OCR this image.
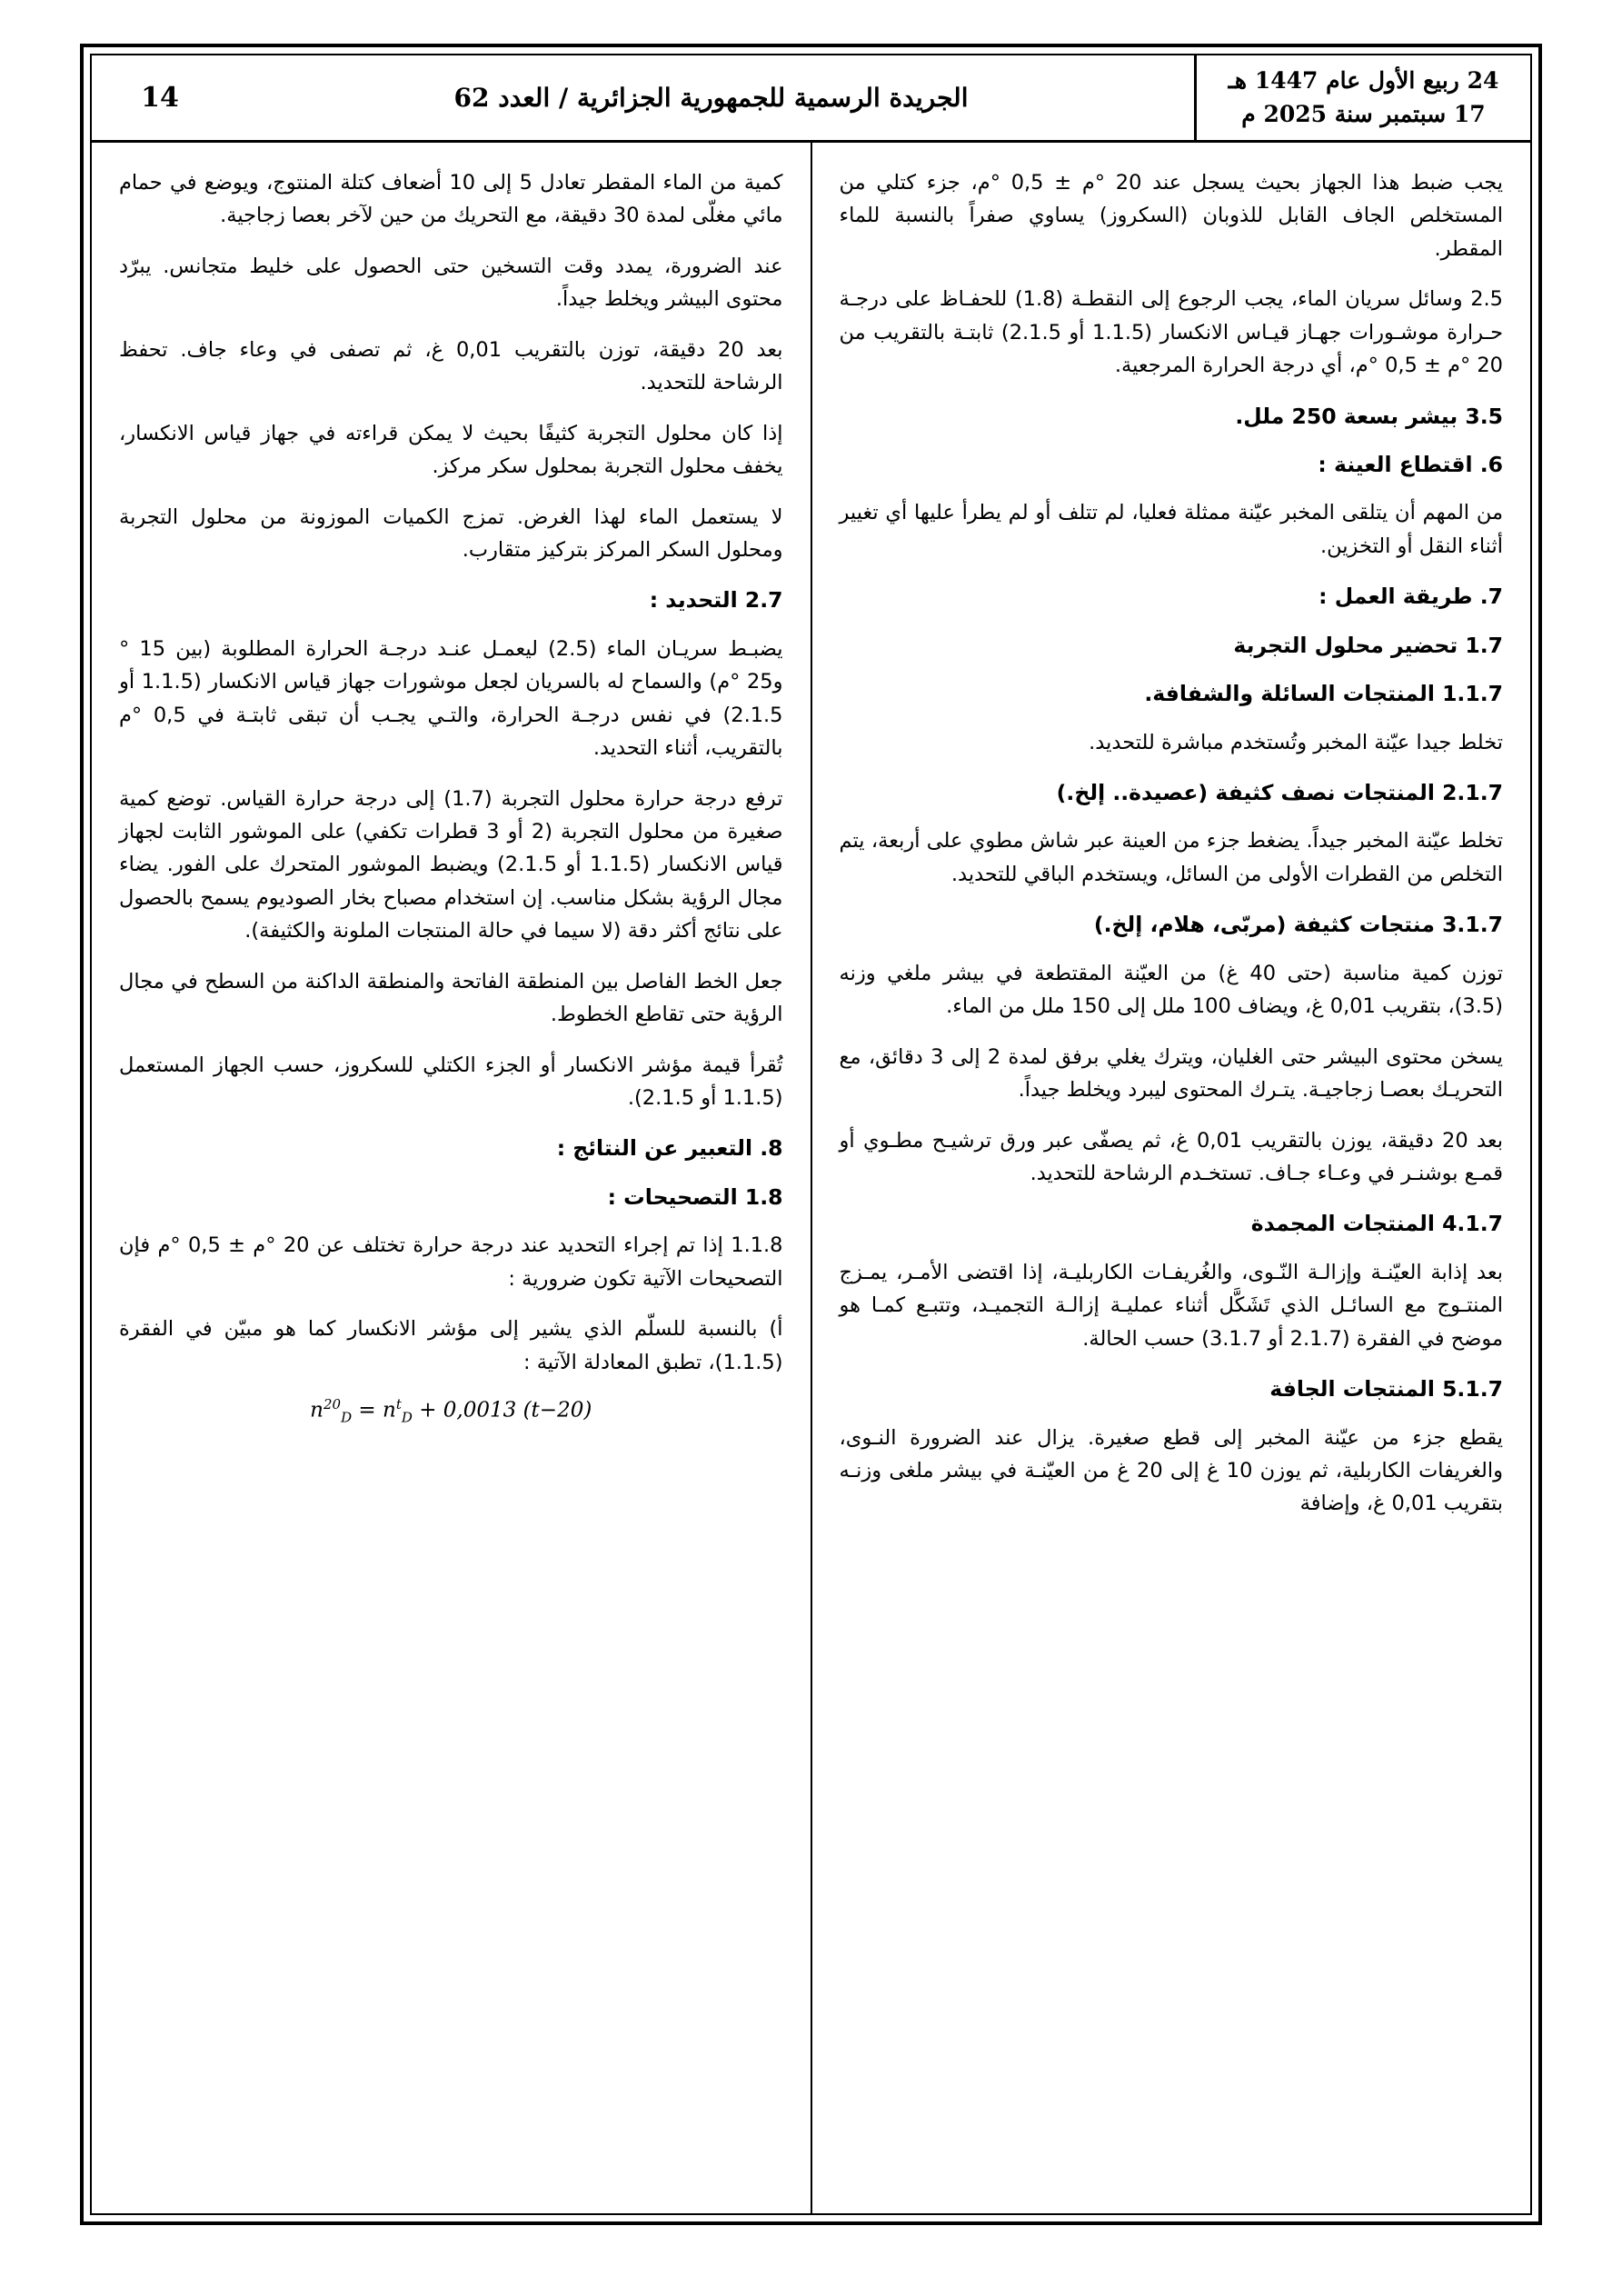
24 ربيع الأول عام 1447 هـ
17 سبتمبر سنة 2025 م
الجريدة الرسمية للجمهورية الجزائرية / العدد 62
14

يجب ضبط هذا الجهاز بحيث يسجل عند 20 °م ± 0,5 °م، جزء كتلي من المستخلص الجاف القابل للذوبان (السكروز) يساوي صفراً بالنسبة للماء المقطر.

2.5 وسائل سريان الماء، يجب الرجوع إلى النقطـة (1.8) للحفـاظ على درجـة حـرارة موشـورات جهـاز قيـاس الانكسار (1.1.5 أو 2.1.5) ثابتـة بالتقريب من 20 °م ± 0,5 °م، أي درجة الحرارة المرجعية.

3.5 بيشر بسعة 250 ملل.

6. اقتطاع العينة :

من المهم أن يتلقى المخبر عيّنة ممثلة فعليا، لم تتلف أو لم يطرأ عليها أي تغيير أثناء النقل أو التخزين.

7. طريقة العمل :

1.7 تحضير محلول التجربة

1.1.7 المنتجات السائلة والشفافة.

تخلط جيدا عيّنة المخبر وتُستخدم مباشرة للتحديد.

2.1.7 المنتجات نصف كثيفة (عصيدة.. إلخ.)

تخلط عيّنة المخبر جيداً. يضغط جزء من العينة عبر شاش مطوي على أربعة، يتم التخلص من القطرات الأولى من السائل، ويستخدم الباقي للتحديد.

3.1.7 منتجات كثيفة (مربّى، هلام، إلخ.)

توزن كمية مناسبة (حتى 40 غ) من العيّنة المقتطعة في بيشر ملغي وزنه (3.5)، بتقريب 0,01 غ، ويضاف 100 ملل إلى 150 ملل من الماء.

يسخن محتوى البيشر حتى الغليان، ويترك يغلي برفق لمدة 2 إلى 3 دقائق، مع التحريـك بعصـا زجاجيـة. يتـرك المحتوى ليبرد ويخلط جيداً.

بعد 20 دقيقة، يوزن بالتقريب 0,01 غ، ثم يصفّى عبر ورق ترشيـح مطـوي أو قمـع بوشنـر في وعـاء جـاف. تستخـدم الرشاحة للتحديد.

4.1.7 المنتجات المجمدة

بعد إذابة العيّنـة وإزالـة النّـوى، والغُريفـات الكاربليـة، إذا اقتضى الأمـر، يمـزج المنتـوج مع السائـل الذي تَشَكَّل أثناء عمليـة إزالـة التجميـد، وتتبـع كمـا هو موضح في الفقرة (2.1.7 أو 3.1.7) حسب الحالة.

5.1.7 المنتجات الجافة

يقطع جزء من عيّنة المخبر إلى قطع صغيرة. يزال عند الضرورة النـوى، والغريفات الكاربلية، ثم يوزن 10 غ إلى 20 غ من العيّنـة في بيشر ملغى وزنـه بتقريب 0,01 غ، وإضافة

كمية من الماء المقطر تعادل 5 إلى 10 أضعاف كتلة المنتوج، ويوضع في حمام مائي مغلّى لمدة 30 دقيقة، مع التحريك من حين لآخر بعصا زجاجية.

عند الضرورة، يمدد وقت التسخين حتى الحصول على خليط متجانس. يبرّد محتوى البيشر ويخلط جيداً.

بعد 20 دقيقة، توزن بالتقريب 0,01 غ، ثم تصفى في وعاء جاف. تحفظ الرشاحة للتحديد.

إذا كان محلول التجربة كثيفًا بحيث لا يمكن قراءته في جهاز قياس الانكسار، يخفف محلول التجربة بمحلول سكر مركز.

لا يستعمل الماء لهذا الغرض. تمزج الكميات الموزونة من محلول التجربة ومحلول السكر المركز بتركيز متقارب.

2.7 التحديد :

يضبـط سريـان الماء (2.5) ليعمـل عنـد درجـة الحرارة المطلوبة (بين 15 ° و25 °م) والسماح له بالسريان لجعل موشورات جهاز قياس الانكسار (1.1.5 أو 2.1.5) في نفس درجـة الحرارة، والتـي يجـب أن تبقى ثابتـة في 0,5 °م بالتقريب، أثناء التحديد.

ترفع درجة حرارة محلول التجربة (1.7) إلى درجة حرارة القياس. توضع كمية صغيرة من محلول التجربة (2 أو 3 قطرات تكفي) على الموشور الثابت لجهاز قياس الانكسار (1.1.5 أو 2.1.5) ويضبط الموشور المتحرك على الفور. يضاء مجال الرؤية بشكل مناسب. إن استخدام مصباح بخار الصوديوم يسمح بالحصول على نتائج أكثر دقة (لا سيما في حالة المنتجات الملونة والكثيفة).

جعل الخط الفاصل بين المنطقة الفاتحة والمنطقة الداكنة من السطح في مجال الرؤية حتى تقاطع الخطوط.

تُقرأ قيمة مؤشر الانكسار أو الجزء الكتلي للسكروز، حسب الجهاز المستعمل (1.1.5 أو 2.1.5).

8. التعبير عن النتائج :

1.8 التصحيحات :

1.1.8 إذا تم إجراء التحديد عند درجة حرارة تختلف عن 20 °م ± 0,5 °م فإن التصحيحات الآتية تكون ضرورية :

أ) بالنسبة للسلّم الذي يشير إلى مؤشر الانكسار كما هو مبيّن في الفقرة (1.1.5)، تطبق المعادلة الآتية :

$n^{20}_D = n^t_D + 0,0013$ (t−20)
